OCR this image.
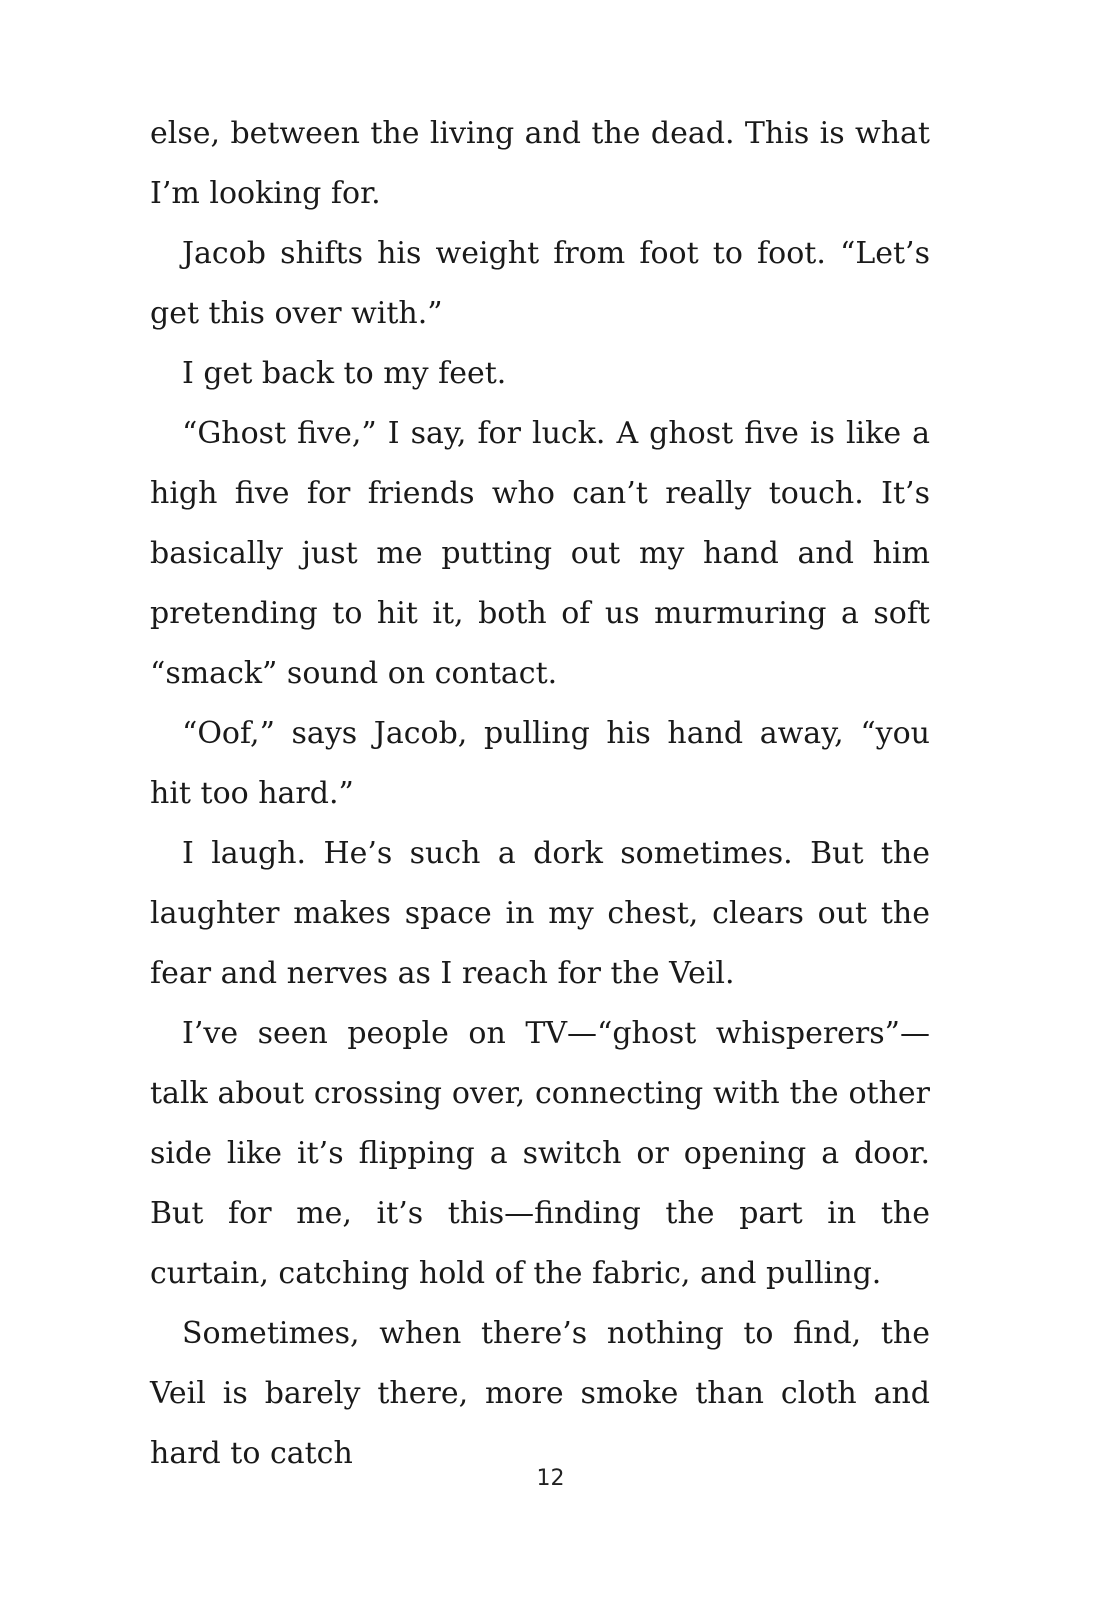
else, between the living and the dead. This is what I’m looking for.

Jacob shifts his weight from foot to foot. “Let’s get this over with.”

I get back to my feet.

“Ghost five,” I say, for luck. A ghost five is like a high five for friends who can’t really touch. It’s basically just me putting out my hand and him pretending to hit it, both of us murmuring a soft “smack” sound on contact.

“Oof,” says Jacob, pulling his hand away, “you hit too hard.”

I laugh. He’s such a dork sometimes. But the laughter makes space in my chest, clears out the fear and nerves as I reach for the Veil.

I’ve seen people on TV—“ghost whisperers”—talk about crossing over, connecting with the other side like it’s flipping a switch or opening a door. But for me, it’s this—finding the part in the curtain, catching hold of the fabric, and pulling.

Sometimes, when there’s nothing to find, the Veil is barely there, more smoke than cloth and hard to catch

12
